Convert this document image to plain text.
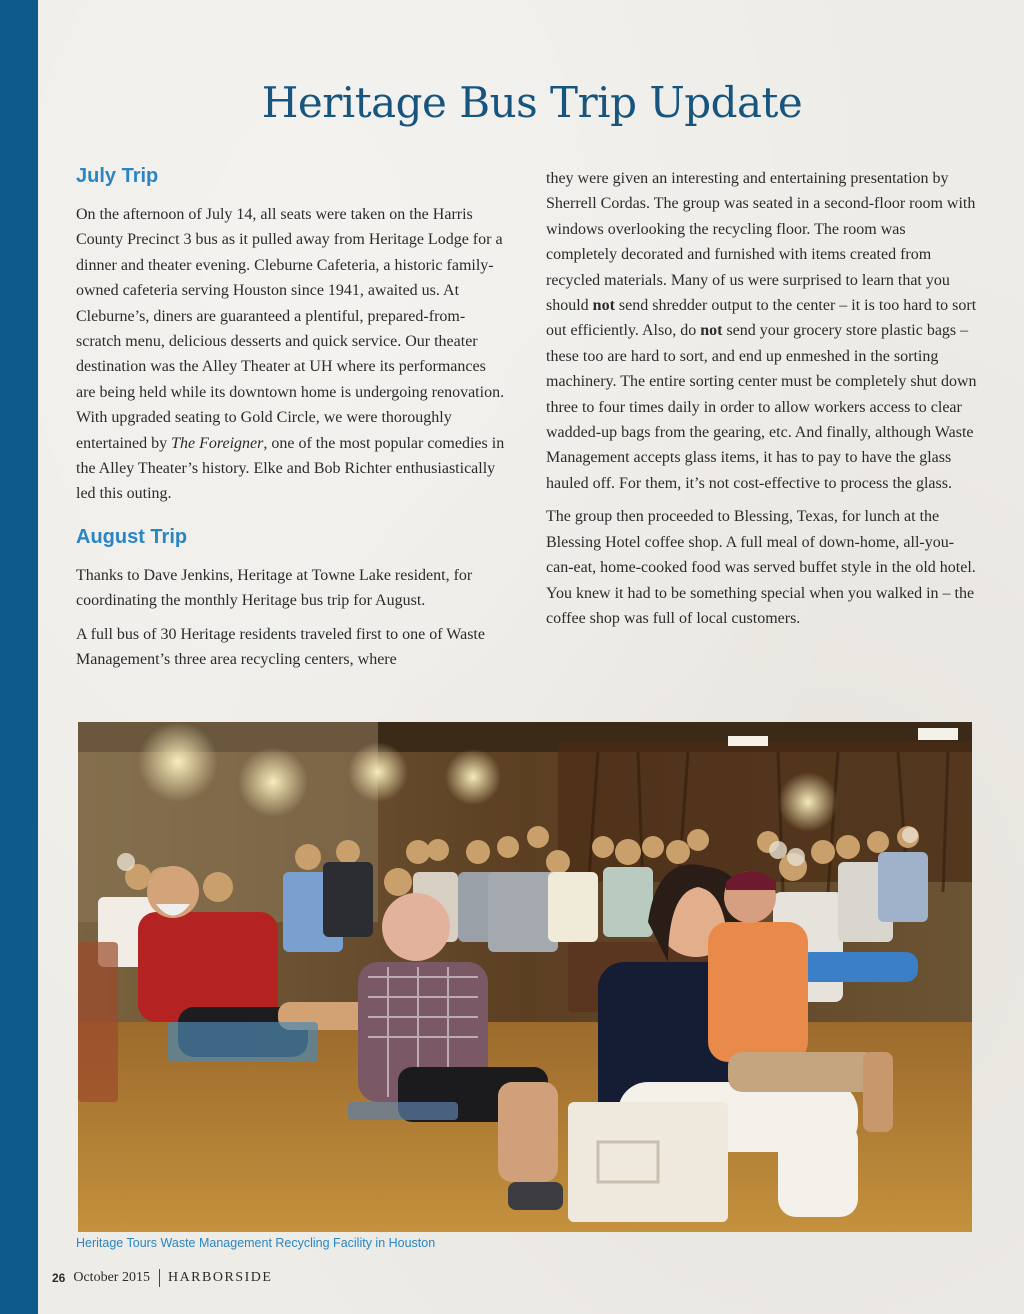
Heritage Bus Trip Update
July Trip

On the afternoon of July 14, all seats were taken on the Harris County Precinct 3 bus as it pulled away from Heritage Lodge for a dinner and theater evening. Cleburne Cafeteria, a historic family-owned cafeteria serving Houston since 1941, awaited us. At Cleburne’s, diners are guaranteed a plentiful, prepared-from-scratch menu, delicious desserts and quick service. Our theater destination was the Alley Theater at UH where its performances are being held while its downtown home is undergoing renovation. With upgraded seating to Gold Circle, we were thoroughly entertained by The Foreigner, one of the most popular comedies in the Alley Theater’s history. Elke and Bob Richter enthusiastically led this outing.

August Trip

Thanks to Dave Jenkins, Heritage at Towne Lake resident, for coordinating the monthly Heritage bus trip for August.

A full bus of 30 Heritage residents traveled first to one of Waste Management’s three area recycling centers, where

they were given an interesting and entertaining presentation by Sherrell Cordas. The group was seated in a second-floor room with windows overlooking the recycling floor. The room was completely decorated and furnished with items created from recycled materials. Many of us were surprised to learn that you should not send shredder output to the center – it is too hard to sort out efficiently. Also, do not send your grocery store plastic bags – these too are hard to sort, and end up enmeshed in the sorting machinery. The entire sorting center must be completely shut down three to four times daily in order to allow workers access to clear wadded-up bags from the gearing, etc. And finally, although Waste Management accepts glass items, it has to pay to have the glass hauled off. For them, it’s not cost-effective to process the glass.

The group then proceeded to Blessing, Texas, for lunch at the Blessing Hotel coffee shop. A full meal of down-home, all-you-can-eat, home-cooked food was served buffet style in the old hotel. You knew it had to be something special when you walked in – the coffee shop was full of local customers.

Heritage Tours Waste Management Recycling Facility in Houston
26 October 2015 HARBORSIDE
